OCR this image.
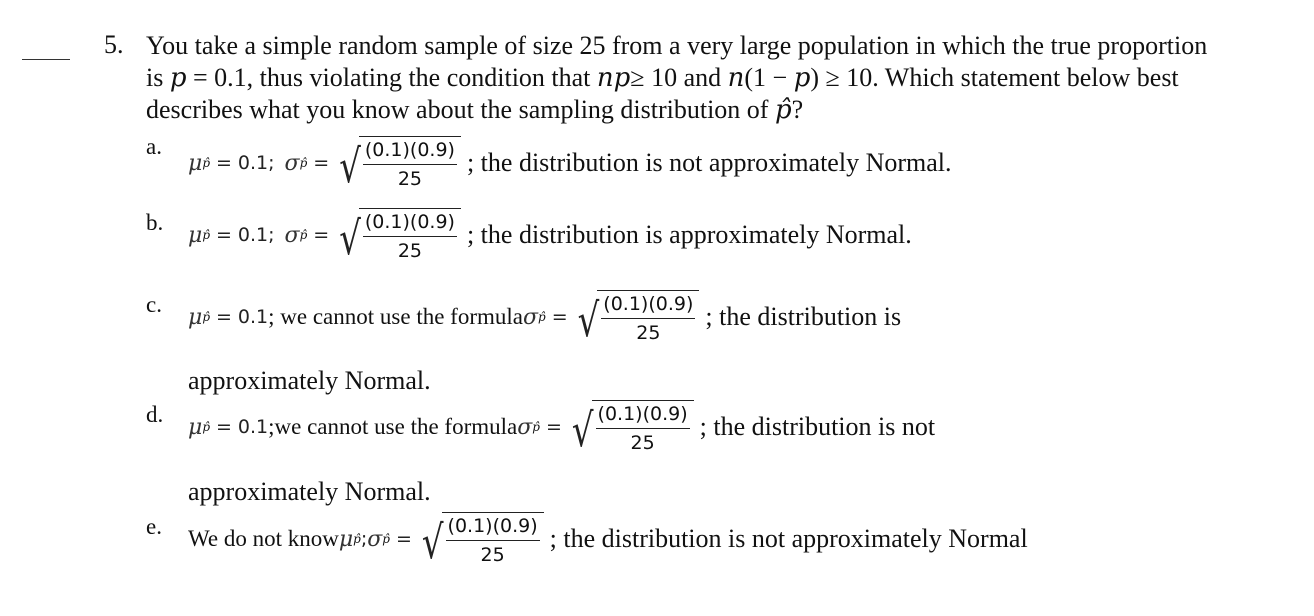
5. You take a simple random sample of size 25 from a very large population in which the true proportion
is p = 0.1, thus violating the condition that np≥ 10 and n(1 − p) ≥ 10. Which statement below best
describes what you know about the sampling distribution of p̂?
a.
μ p̂ = 0.1 ; σ p̂ = √
$\frac{(0.1)(0.9)}{25}$ ; the distribution is not approximately Normal.
b. μ p̂ = 0.1 ; σ p̂ = √
$\frac{(0.1)(0.9)}{25}$ ; the distribution is approximately Normal.
c. μ p̂ = 0.1 ; we cannot use the formula σ p̂ = √
$\frac{(0.1)(0.9)}{25}$ ; the distribution is
approximately Normal.
d. μ p̂ = 0.1 ;we cannot use the formula σ p̂ = √
$\frac{(0.1)(0.9)}{25}$ ; the distribution is not
approximately Normal.
e. We do not know μ p̂ ; σ p̂ = √
$\frac{(0.1)(0.9)}{25}$ ; the distribution is not approximately Normal
